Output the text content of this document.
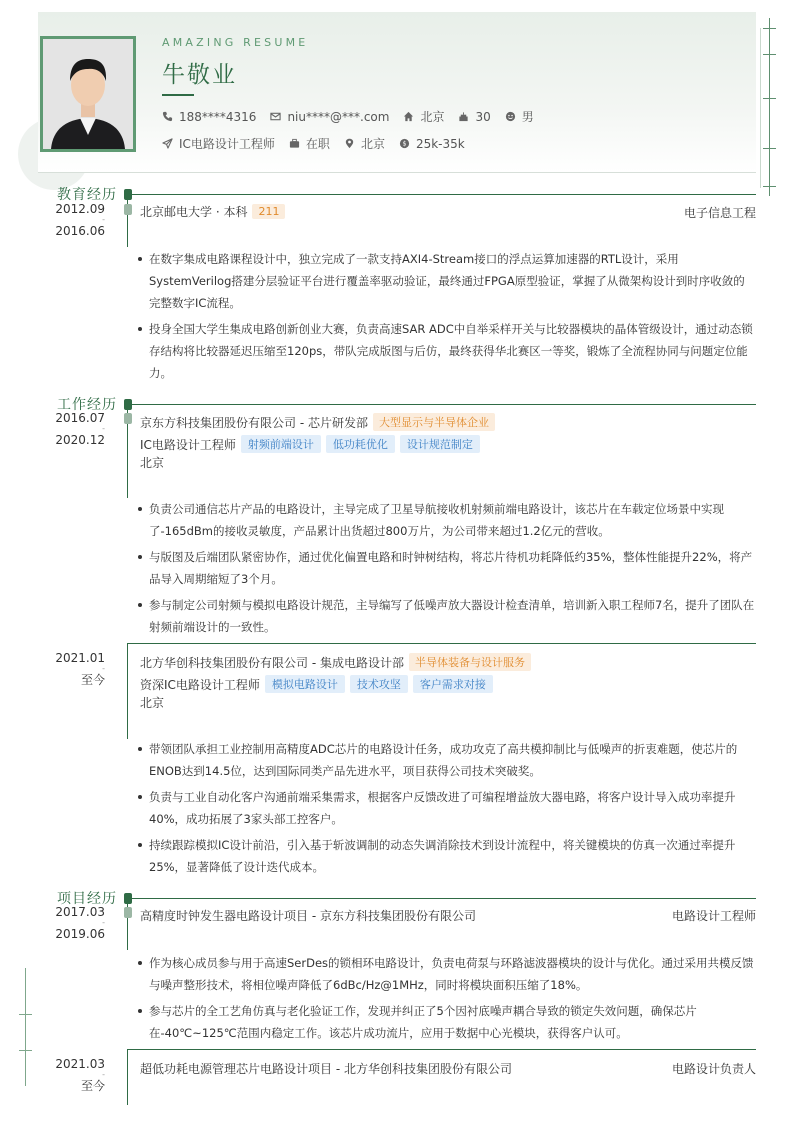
AMAZING RESUME
牛敬业
188****4316	niu****@***.com	北京	30	男
IC电路设计工程师	在职	北京 $ 25k-35k
教育经历
2012.09
-
2016.06
北京邮电大学 · 本科	211	电子信息工程
在数字集成电路课程设计中，独立完成了一款支持AXI4-Stream接口的浮点运算加速器的RTL设计，采用SystemVerilog搭建分层验证平台进行覆盖率驱动验证，最终通过FPGA原型验证，掌握了从微架构设计到时序收敛的完整数字IC流程。
投身全国大学生集成电路创新创业大赛，负责高速SAR ADC中自举采样开关与比较器模块的晶体管级设计，通过动态锁存结构将比较器延迟压缩至120ps，带队完成版图与后仿，最终获得华北赛区一等奖，锻炼了全流程协同与问题定位能力。
工作经历
2016.07
-
2020.12
京东方科技集团股份有限公司 - 芯片研发部	大型显示与半导体企业
IC电路设计工程师	射频前端设计	低功耗优化	设计规范制定
北京
负责公司通信芯片产品的电路设计，主导完成了卫星导航接收机射频前端电路设计，该芯片在车载定位场景中实现了-165dBm的接收灵敏度，产品累计出货超过800万片，为公司带来超过1.2亿元的营收。
与版图及后端团队紧密协作，通过优化偏置电路和时钟树结构，将芯片待机功耗降低约35%，整体性能提升22%，将产品导入周期缩短了3个月。
参与制定公司射频与模拟电路设计规范，主导编写了低噪声放大器设计检查清单，培训新入职工程师7名，提升了团队在射频前端设计的一致性。
2021.01
-
至今
北方华创科技集团股份有限公司 - 集成电路设计部	半导体装备与设计服务
资深IC电路设计工程师	模拟电路设计	技术攻坚	客户需求对接
北京
带领团队承担工业控制用高精度ADC芯片的电路设计任务，成功攻克了高共模抑制比与低噪声的折衷难题，使芯片的ENOB达到14.5位，达到国际同类产品先进水平，项目获得公司技术突破奖。
负责与工业自动化客户沟通前端采集需求，根据客户反馈改进了可编程增益放大器电路，将客户设计导入成功率提升40%，成功拓展了3家头部工控客户。
持续跟踪模拟IC设计前沿，引入基于斩波调制的动态失调消除技术到设计流程中，将关键模块的仿真一次通过率提升25%，显著降低了设计迭代成本。
项目经历
2017.03
-
2019.06
高精度时钟发生器电路设计项目 - 京东方科技集团股份有限公司	电路设计工程师
作为核心成员参与用于高速SerDes的锁相环电路设计，负责电荷泵与环路滤波器模块的设计与优化。通过采用共模反馈与噪声整形技术，将相位噪声降低了6dBc/Hz@1MHz，同时将模块面积压缩了18%。
参与芯片的全工艺角仿真与老化验证工作，发现并纠正了5个因衬底噪声耦合导致的锁定失效问题，确保芯片在-40℃~125℃范围内稳定工作。该芯片成功流片，应用于数据中心光模块，获得客户认可。
2021.03
-
至今
超低功耗电源管理芯片电路设计项目 - 北方华创科技集团股份有限公司	电路设计负责人
